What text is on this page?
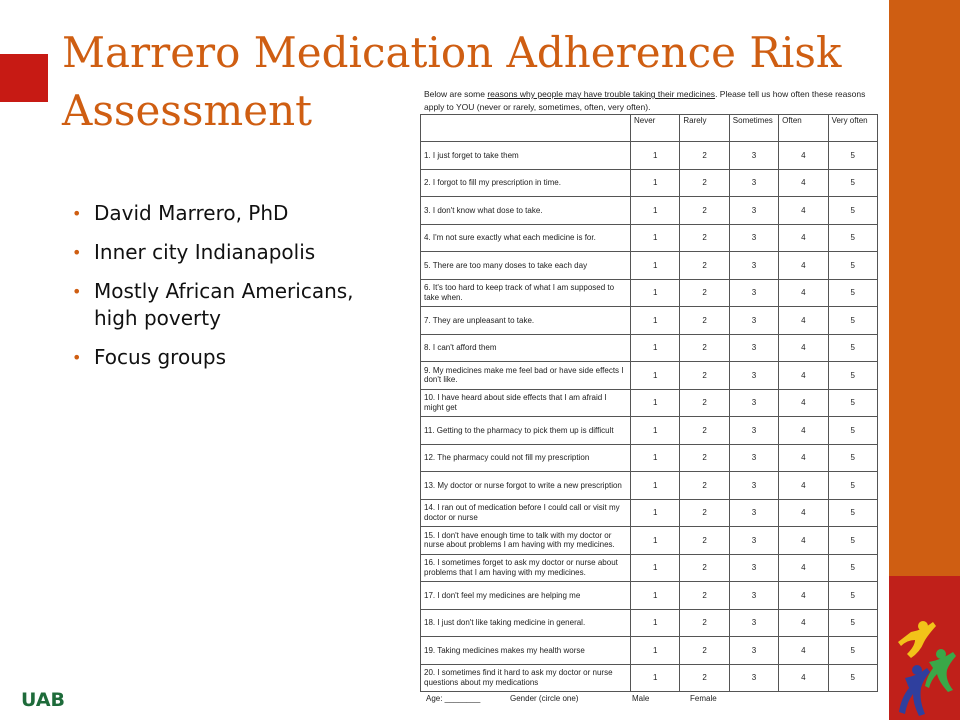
Marrero Medication Adherence Risk Assessment
• David Marrero, PhD
• Inner city Indianapolis
• Mostly African Americans, high poverty
• Focus groups
Below are some reasons why people may have trouble taking their medicines. Please tell us how often these reasons apply to YOU (never or rarely, sometimes, often, very often).
	Never	Rarely	Sometimes	Often	Very often
1. I just forget to take them	1	2	3	4	5
2. I forgot to fill my prescription in time.	1	2	3	4	5
3. I don't know what dose to take.	1	2	3	4	5
4. I'm not sure exactly what each medicine is for.	1	2	3	4	5
5. There are too many doses to take each day	1	2	3	4	5
6. It's too hard to keep track of what I am supposed to take when.	1	2	3	4	5
7. They are unpleasant to take.	1	2	3	4	5
8. I can't afford them	1	2	3	4	5
9. My medicines make me feel bad or have side effects I don't like.	1	2	3	4	5
10. I have heard about side effects that I am afraid I might get	1	2	3	4	5
11. Getting to the pharmacy to pick them up is difficult	1	2	3	4	5
12. The pharmacy could not fill my prescription	1	2	3	4	5
13. My doctor or nurse forgot to write a new prescription	1	2	3	4	5
14. I ran out of medication before I could call or visit my doctor or nurse	1	2	3	4	5
15. I don't have enough time to talk with my doctor or nurse about problems I am having with my medicines.	1	2	3	4	5
16. I sometimes forget to ask my doctor or nurse about problems that I am having with my medicines.	1	2	3	4	5
17. I don't feel my medicines are helping me	1	2	3	4	5
18. I just don't like taking medicine in general.	1	2	3	4	5
19. Taking medicines makes my health worse	1	2	3	4	5
20. I sometimes find it hard to ask my doctor or nurse questions about my medications	1	2	3	4	5
Age: ________	Gender (circle one)	Male	Female
UAB
